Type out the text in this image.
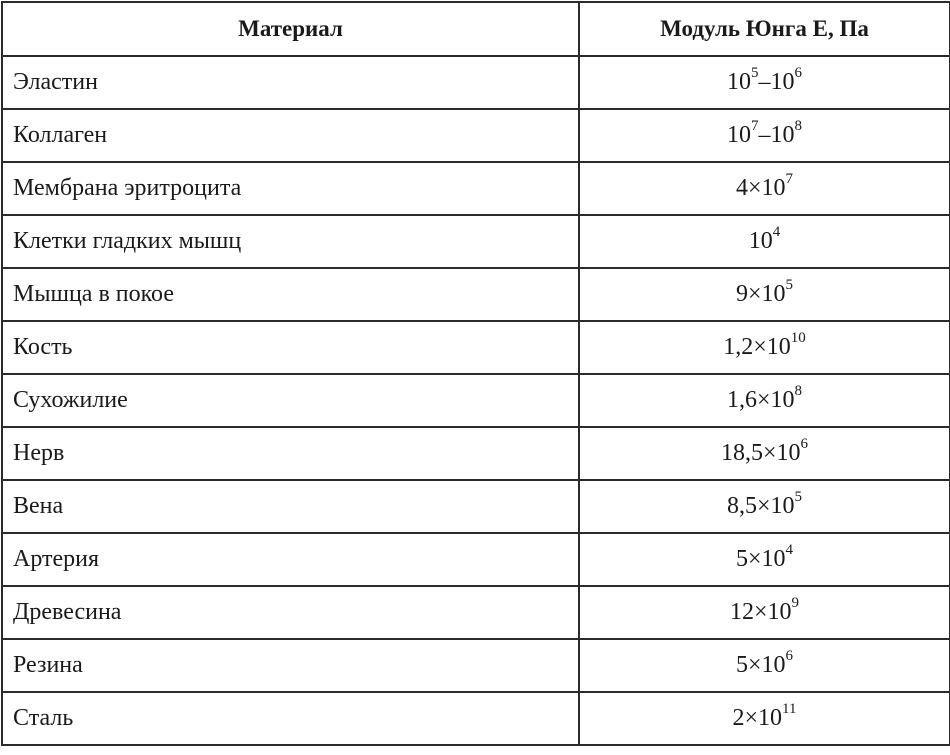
Материал	Модуль Юнга E, Па
Эластин	$10^5-10^6$
Коллаген	$10^7-10^8$
Мембрана эритроцита	$4\times 10^7$
Клетки гладких мышц	$10^4$
Мышца в покое	$9\times 10^5$
Кость	$1,2\times 10^{10}$
Сухожилие	$1,6\times 10^8$
Нерв	$18,5\times 10^6$
Вена	$8,5\times 10^5$
Артерия	$5\times 10^4$
Древесина	$12\times 10^9$
Резина	$5\times 10^6$
Сталь	$2\times 10^{11}$
